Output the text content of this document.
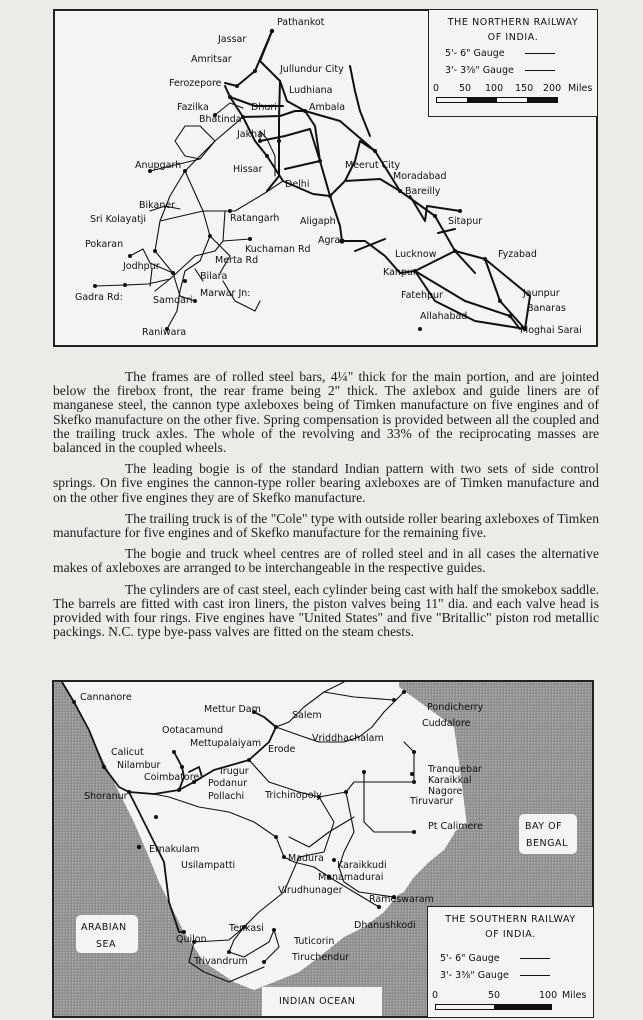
Pathankot
Jassar
Amritsar
Jullundur City
Ludhiana
Ferozepore
Fazilka
Bhatinda
Dhuri	Ambala
Jakhal
Anupgarh	Hissar	Meerut City
Moradabad
Bareilly
Delhi
Bikaner
Sri Kolayatji	Ratangarh Aligaph	Sitapur
Pokaran	Kuchaman Rd
Agra
Lucknow	Fyzabad
Jodhpur
Merta Rd
Bilara	Kanpur
Gadra Rd:	Samdari
Marwar Jn:	Fatehpur	Jaunpur
Banaras
Allahabad
Moghai Sarai
Raniwara
THE NORTHERN RAILWAY
OF INDIA.
5'- 6" Gauge
3'- 3⅜" Gauge
0 50 100 150 200 Miles

The frames are of rolled steel bars, 4¼" thick for the main portion, and are jointed below the firebox front, the rear frame being 2" thick. The axlebox and guide liners are of manganese steel, the cannon type axleboxes being of Timken manufacture on five engines and of Skefko manufacture on the other five. Spring compensation is provided between all the coupled and the trailing truck axles. The whole of the revolving and 33% of the reciprocating masses are balanced in the coupled wheels.

The leading bogie is of the standard Indian pattern with two sets of side control springs. On five engines the cannon-type roller bearing axleboxes are of Timken manufacture and on the other five engines they are of Skefko manufacture.

The trailing truck is of the "Cole" type with outside roller bearing axleboxes of Timken manufacture for five engines and of Skefko manufacture for the remaining five.

The bogie and truck wheel centres are of rolled steel and in all cases the alternative makes of axleboxes are arranged to be interchangeable in the respective guides.

The cylinders are of cast steel, each cylinder being cast with half the smokebox saddle. The barrels are fitted with cast iron liners, the piston valves being 11" dia. and each valve head is provided with four rings. Five engines have "United States" and five "Britallic" piston rod metallic packings. N.C. type bye-pass valves are fitted on the steam chests.

Cannanore
Mettur Dam
Salem
Pondicherry
Cuddalore
Ootacamund
Mettupalaiyam
Erode
Vriddhachalam
Calicut
Nilambur
Coimbatore
Irugur
Podanur
Tranquebar
Karaikkal
Nagore
Tiruvarur
Shoranur	Pollachi Trichinopoly
Pt Calimere
Ernakulam
Usilampatti
Madura
Karaikkudi
Manamadurai
Virudhunager
Rameswaram
Dhanushkodi
Tenkasi
Quilon	Tuticorin
Trivandrum	Tiruchendur
ARABIAN
SEA
BAY OF
BENGAL
INDIAN OCEAN
THE SOUTHERN RAILWAY
OF INDIA.
5'- 6" Gauge
3'- 3⅜" Gauge
0	50	100 Miles
